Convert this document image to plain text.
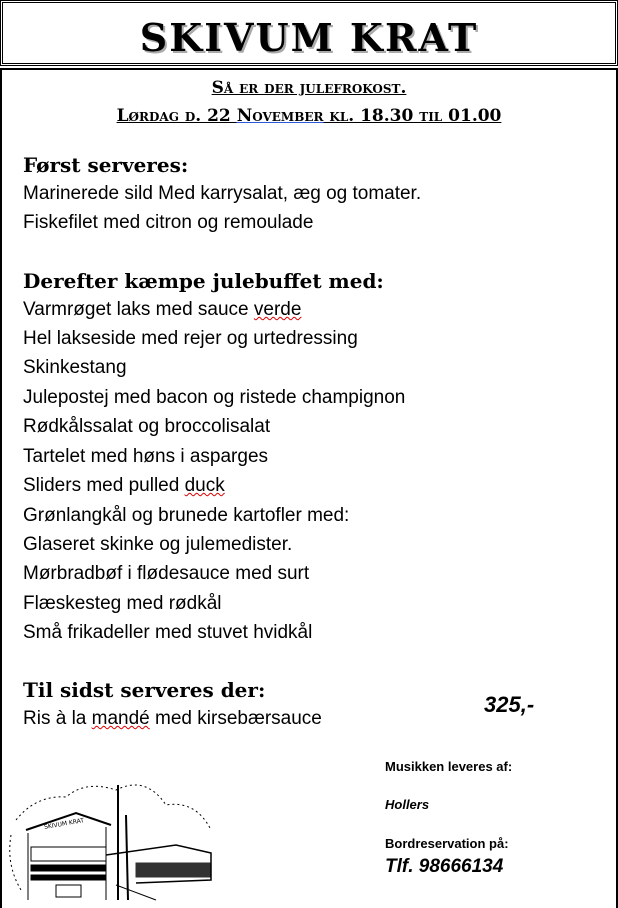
SKIVUM KRAT
Så er der julefrokost.
Lørdag d. 22 November kl. 18.30 til 01.00
Først serveres:
Marinerede sild Med karrysalat, æg og tomater.
Fiskefilet med citron og remoulade
Derefter kæmpe julebuffet med:
Varmrøget laks med sauce verde
Hel lakseside med rejer og urtedressing
Skinkestang
Julepostej med bacon og ristede champignon
Rødkålssalat og broccolisalat
Tartelet med høns i asparges
Sliders med pulled duck
Grønlangkål og brunede kartofler med:
Glaseret skinke og julemedister.
Mørbradbøf i flødesauce med surt
Flæskesteg med rødkål
Små frikadeller med stuvet hvidkål
Til sidst serveres der:
Ris à la mandé med kirsebærsauce
325,-
Musikken leveres af:
Hollers
Bordreservation på:
Tlf. 98666134
SKIVUM KRAT
